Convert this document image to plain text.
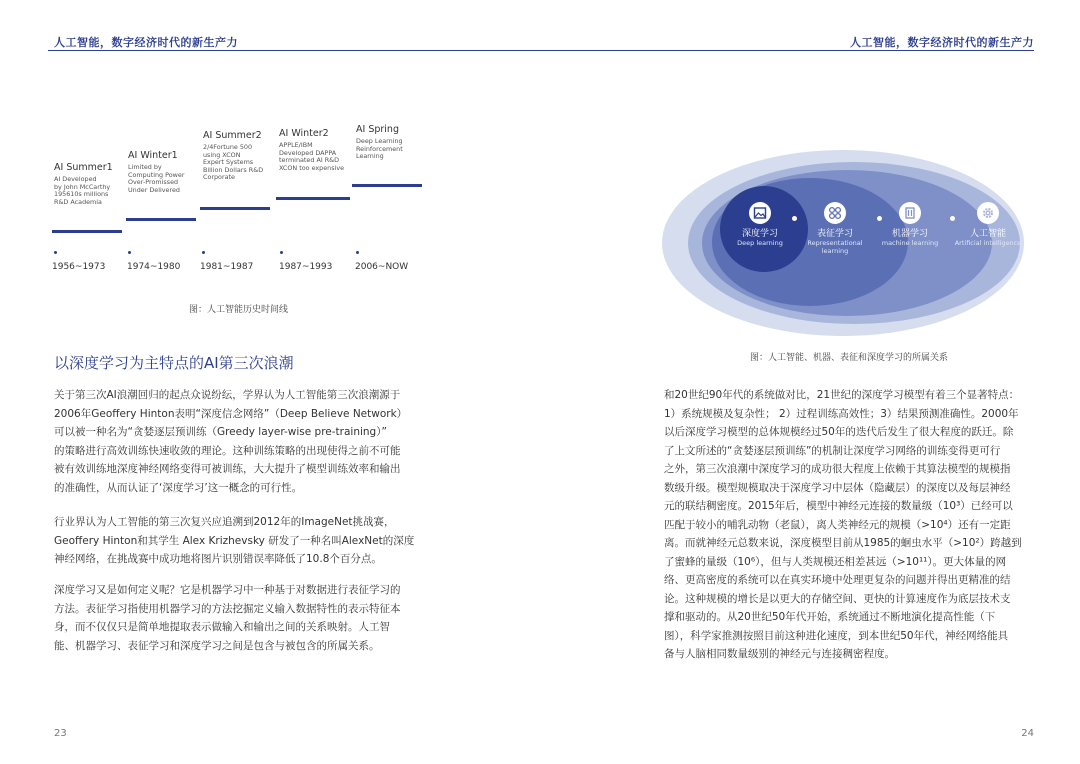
人工智能，数字经济时代的新生产力
AI Summer1
AI Developed
by John McCarthy
195610s millions
R&D Academia
AI Winter1
Limited by
Computing Power
Over-Promissed
Under Delivered
AI Summer2
2/4Fortune 500
using XCON
Expert Systems
Billion Dollars R&D
Corporate
AI Winter2
APPLE/IBM
Developed DAPPA
terminated AI R&D
XCON too expensive
AI Spring
Deep Learning
Reinforcement
Learning
1956~1973 1974~1980 1981~1987	1987~1993	2006~NOW
图：人工智能历史时间线
以深度学习为主特点的AI第三次浪潮
关于第三次AI浪潮回归的起点众说纷纭，学界认为人工智能第三次浪潮源于
2006年Geoffery Hinton表明“深度信念网络”（Deep Believe Network）
可以被一种名为“贪婪逐层预训练（Greedy layer-wise pre-training）”
的策略进行高效训练快速收敛的理论。这种训练策略的出现使得之前不可能
被有效训练地深度神经网络变得可被训练，大大提升了模型训练效率和输出
的准确性，从而认证了‘深度学习’这一概念的可行性。
行业界认为人工智能的第三次复兴应追溯到2012年的ImageNet挑战赛，
Geoffery Hinton和其学生 Alex Krizhevsky 研发了一种名叫AlexNet的深度
神经网络，在挑战赛中成功地将图片识别错误率降低了10.8个百分点。
深度学习又是如何定义呢？它是机器学习中一种基于对数据进行表征学习的
方法。表征学习指使用机器学习的方法挖掘定义输入数据特性的表示特征本
身，而不仅仅只是简单地提取表示做输入和输出之间的关系映射。人工智
能、机器学习、表征学习和深度学习之间是包含与被包含的所属关系。
23
人工智能，数字经济时代的新生产力
深度学习
Deep learning
表征学习
Representational
learning
机器学习
machine learning
人工智能
Artificial intelligence
图：人工智能、机器、表征和深度学习的所属关系
和20世纪90年代的系统做对比，21世纪的深度学习模型有着三个显著特点：
1）系统规模及复杂性； 2）过程训练高效性；3）结果预测准确性。2000年
以后深度学习模型的总体规模经过50年的迭代后发生了很大程度的跃迁。除
了上文所述的“贪婪逐层预训练”的机制让深度学习网络的训练变得更可行
之外，第三次浪潮中深度学习的成功很大程度上依赖于其算法模型的规模指
数级升级。模型规模取决于深度学习中层体（隐藏层）的深度以及每层神经
元的联结稠密度。2015年后，模型中神经元连接的数量级（10³）已经可以
匹配于较小的哺乳动物（老鼠），离人类神经元的规模（>10⁴）还有一定距
离。而就神经元总数来说，深度模型目前从1985的蛔虫水平（>10²）跨越到
了蜜蜂的量级（10⁶），但与人类规模还相差甚远（>10¹¹）。更大体量的网
络、更高密度的系统可以在真实环境中处理更复杂的问题并得出更精准的结
论。这种规模的增长是以更大的存储空间、更快的计算速度作为底层技术支
撑和驱动的。从20世纪50年代开始，系统通过不断地演化提高性能（下
图），科学家推测按照目前这种进化速度，到本世纪50年代，神经网络能具
备与人脑相同数量级别的神经元与连接稠密程度。
24
